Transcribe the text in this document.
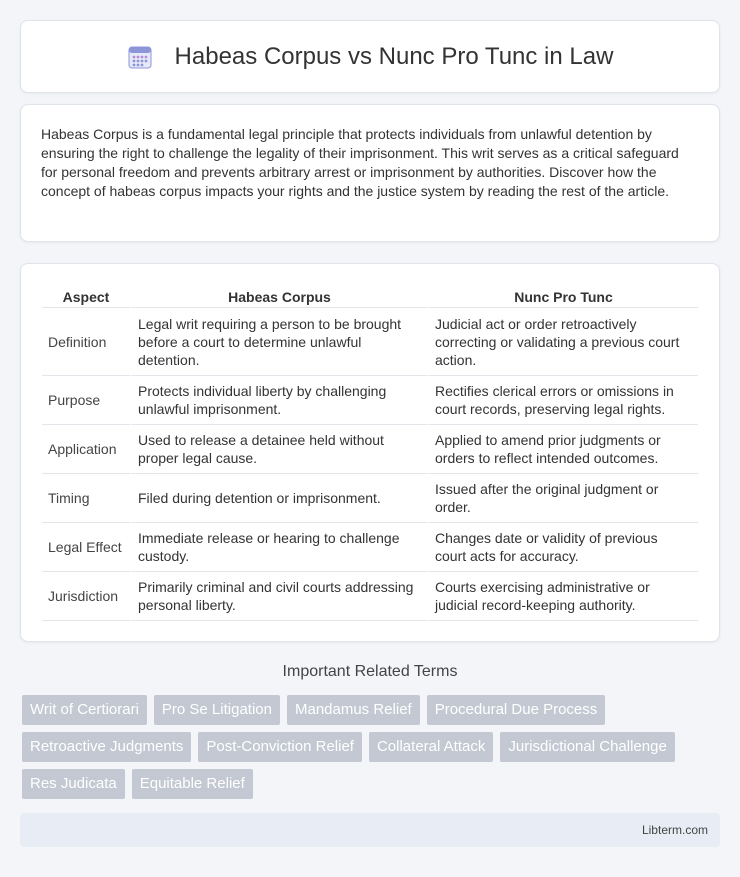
Habeas Corpus vs Nunc Pro Tunc in Law

Habeas Corpus is a fundamental legal principle that protects individuals from unlawful detention by ensuring the right to challenge the legality of their imprisonment. This writ serves as a critical safeguard for personal freedom and prevents arbitrary arrest or imprisonment by authorities. Discover how the concept of habeas corpus impacts your rights and the justice system by reading the rest of the article.

Aspect	Habeas Corpus	Nunc Pro Tunc
Definition	Legal writ requiring a person to be brought before a court to determine unlawful detention.	Judicial act or order retroactively correcting or validating a previous court action.
Purpose	Protects individual liberty by challenging unlawful imprisonment.	Rectifies clerical errors or omissions in court records, preserving legal rights.
Application	Used to release a detainee held without proper legal cause.	Applied to amend prior judgments or orders to reflect intended outcomes.
Timing	Filed during detention or imprisonment.	Issued after the original judgment or order.
Legal Effect	Immediate release or hearing to challenge custody.	Changes date or validity of previous court acts for accuracy.
Jurisdiction	Primarily criminal and civil courts addressing personal liberty.	Courts exercising administrative or judicial record-keeping authority.
Important Related Terms
Writ of Certiorari	Pro Se Litigation	Mandamus Relief	Procedural Due Process
Retroactive Judgments	Post-Conviction Relief	Collateral Attack	Jurisdictional Challenge
Res Judicata	Equitable Relief
Libterm.com
